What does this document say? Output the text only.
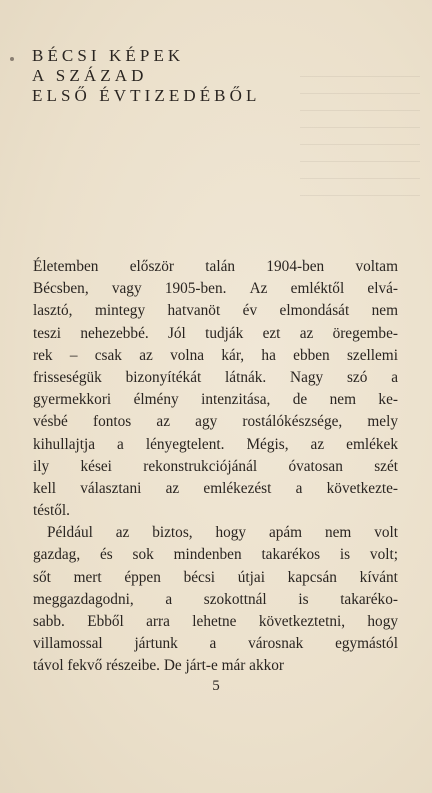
BÉCSI KÉPEK
A SZÁZAD
ELSŐ ÉVTIZEDÉBŐL
Életemben először talán 1904-ben voltam
Bécsben, vagy 1905-ben. Az emléktől elvá-
lasztó, mintegy hatvanöt év elmondását nem
teszi nehezebbé. Jól tudják ezt az öregembe-
rek – csak az volna kár, ha ebben szellemi
frisseségük bizonyítékát látnák. Nagy szó a
gyermekkori élmény intenzitása, de nem ke-
vésbé fontos az agy rostálókészsége, mely
kihullajtja a lényegtelent. Mégis, az emlékek
ily kései rekonstrukciójánál óvatosan szét
kell választani az emlékezést a következte-
téstől.
Például az biztos, hogy apám nem volt
gazdag, és sok mindenben takarékos is volt;
sőt mert éppen bécsi útjai kapcsán kívánt
meggazdagodni, a szokottnál is takaréko-
sabb. Ebből arra lehetne következtetni, hogy
villamossal jártunk a városnak egymástól
távol fekvő részeibe. De járt-e már akkor
5
